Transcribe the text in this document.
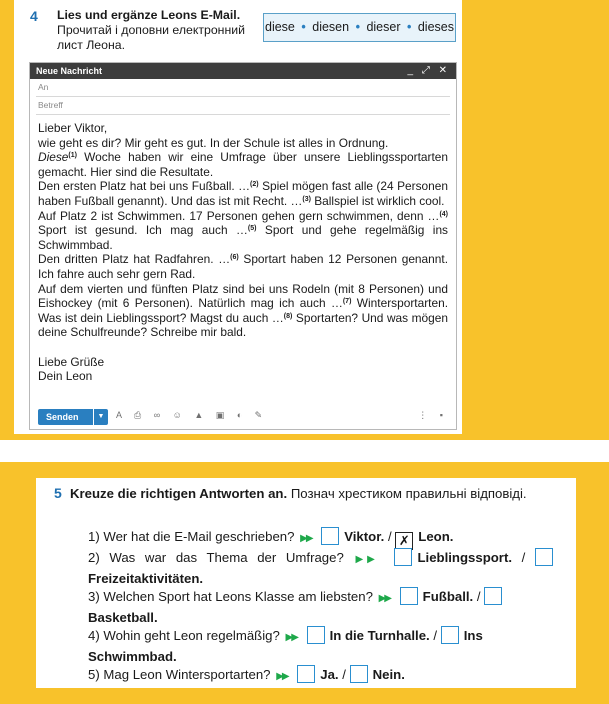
4 Lies und ergänze Leons E-Mail. Прочитай і доповни електронний лист Леона.
diese • diesen • dieser • dieses
Neue Nachricht	_ ⤢ ✕
An
Betreff

Lieber Viktor,

wie geht es dir? Mir geht es gut. In der Schule ist alles in Ordnung.

Diese$^{(1)}$ Woche haben wir eine Umfrage über unsere Lieblingssportarten gemacht. Hier sind die Resultate.

Den ersten Platz hat bei uns Fußball. …$^{(2)}$ Spiel mögen fast alle (24 Personen haben Fußball genannt). Und das ist mit Recht. …$^{(3)}$ Ballspiel ist wirklich cool.

Auf Platz 2 ist Schwimmen. 17 Personen gehen gern schwimmen, denn …$^{(4)}$ Sport ist gesund. Ich mag auch …$^{(5)}$ Sport und gehe regelmäßig ins Schwimmbad.

Den dritten Platz hat Radfahren. …$^{(6)}$ Sportart haben 12 Personen genannt. Ich fahre auch sehr gern Rad.

Auf dem vierten und fünften Platz sind bei uns Rodeln (mit 8 Personen) und Eishockey (mit 6 Personen). Natürlich mag ich auch …$^{(7)}$ Wintersportarten. Was ist dein Lieblingssport? Magst du auch …$^{(8)}$ Sportarten? Und was mögen deine Schulfreunde? Schreibe mir bald.

Liebe Grüße

Dein Leon

Senden	▼	A ⎙ ∞ ☺ ▲ ▣ ◐ ✎	⋮ ▪
5 Kreuze die richtigen Antworten an. Познач хрестиком правильні відповіді.
1) Wer hat die E-Mail geschrieben? ▶▶ Viktor. / ✗ Leon.
2) Was war das Thema der Umfrage? ▶▶	Lieblingssport. / Freizeitaktivitäten.
3) Welchen Sport hat Leons Klasse am liebsten? ▶▶ Fußball. / Basketball.
4) Wohin geht Leon regelmäßig? ▶▶ In die Turnhalle. / Ins Schwimmbad.
5) Mag Leon Wintersportarten? ▶▶ Ja. / Nein.
